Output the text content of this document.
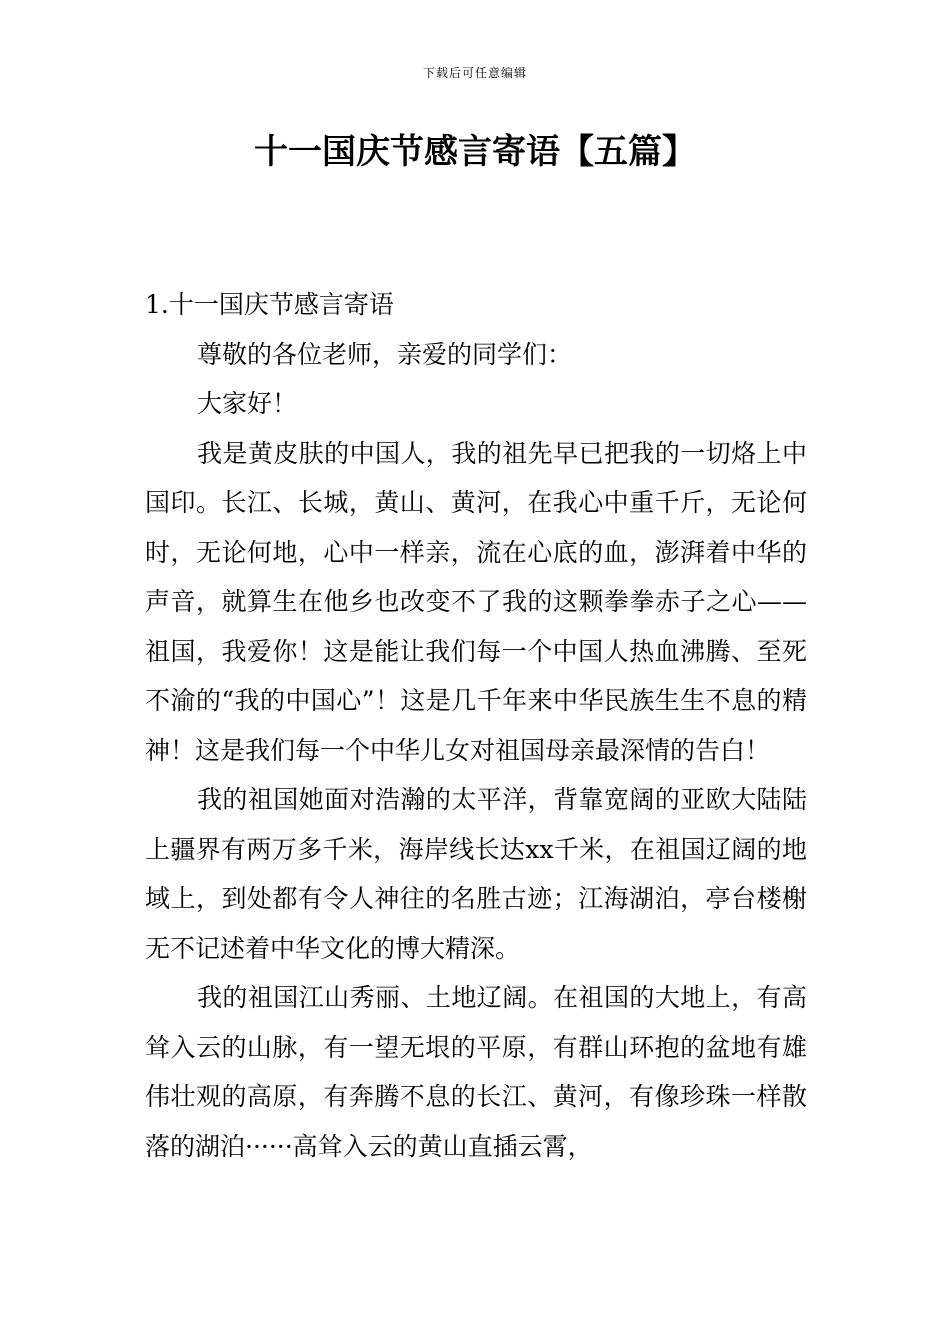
下载后可任意编辑
十一国庆节感言寄语【五篇】

1.十一国庆节感言寄语

尊敬的各位老师，亲爱的同学们：

大家好！

我是黄皮肤的中国人，我的祖先早已把我的一切烙上中国印。长江、长城，黄山、黄河，在我心中重千斤，无论何时，无论何地，心中一样亲，流在心底的血，澎湃着中华的声音，就算生在他乡也改变不了我的这颗拳拳赤子之心——祖国，我爱你！这是能让我们每一个中国人热血沸腾、至死不渝的“我的中国心”！这是几千年来中华民族生生不息的精神！这是我们每一个中华儿女对祖国母亲最深情的告白！

我的祖国她面对浩瀚的太平洋，背靠宽阔的亚欧大陆陆上疆界有两万多千米，海岸线长达xx千米，在祖国辽阔的地域上，到处都有令人神往的名胜古迹；江海湖泊，亭台楼榭无不记述着中华文化的博大精深。

我的祖国江山秀丽、土地辽阔。在祖国的大地上，有高耸入云的山脉，有一望无垠的平原，有群山环抱的盆地有雄伟壮观的高原，有奔腾不息的长江、黄河，有像珍珠一样散落的湖泊······高耸入云的黄山直插云霄，
